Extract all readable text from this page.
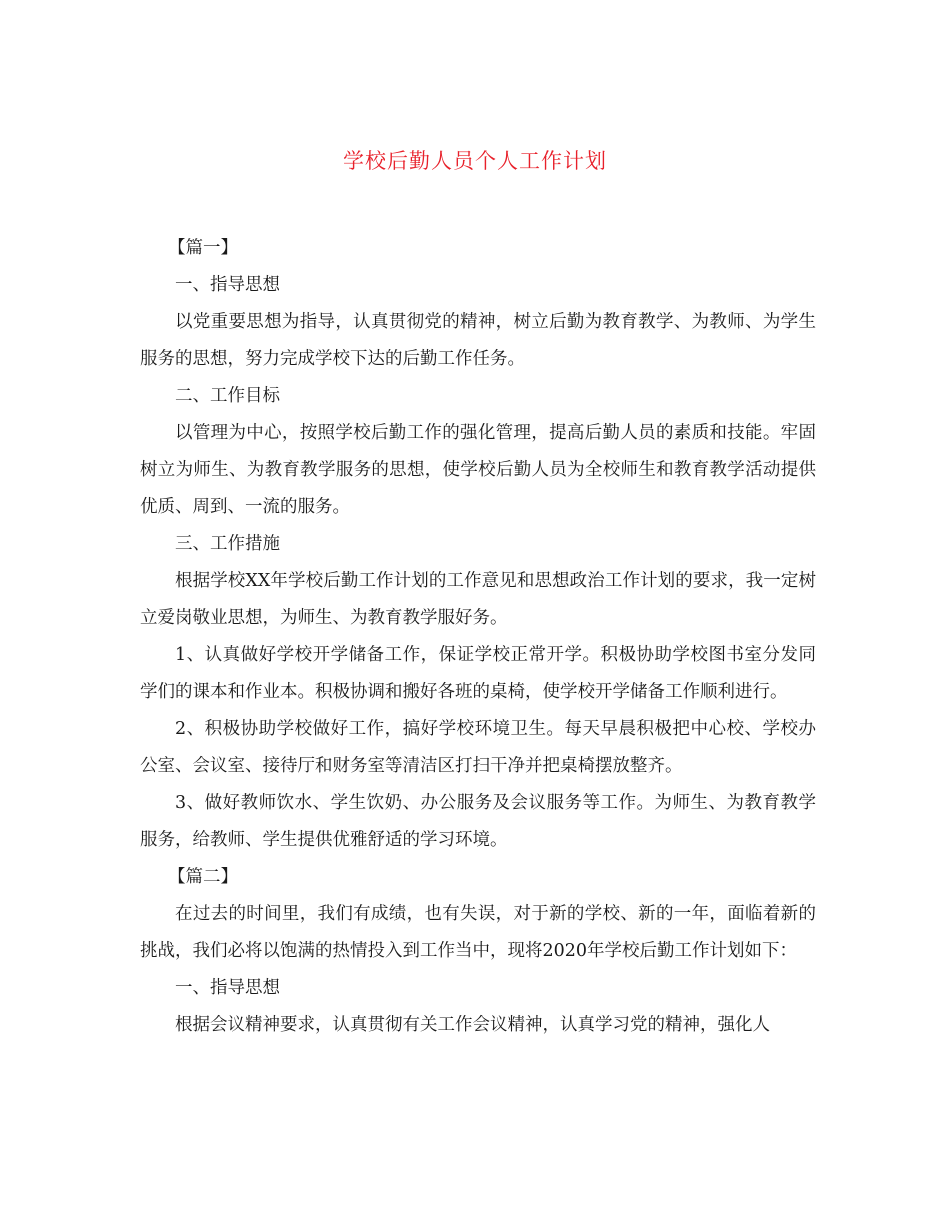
学校后勤人员个人工作计划

【篇一】

一、指导思想

以党重要思想为指导，认真贯彻党的精神，树立后勤为教育教学、为教师、为学生服务的思想，努力完成学校下达的后勤工作任务。

二、工作目标

以管理为中心，按照学校后勤工作的强化管理，提高后勤人员的素质和技能。牢固树立为师生、为教育教学服务的思想，使学校后勤人员为全校师生和教育教学活动提供优质、周到、一流的服务。

三、工作措施

根据学校XX年学校后勤工作计划的工作意见和思想政治工作计划的要求，我一定树立爱岗敬业思想，为师生、为教育教学服好务。

1、认真做好学校开学储备工作，保证学校正常开学。积极协助学校图书室分发同学们的课本和作业本。积极协调和搬好各班的桌椅，使学校开学储备工作顺利进行。

2、积极协助学校做好工作，搞好学校环境卫生。每天早晨积极把中心校、学校办公室、会议室、接待厅和财务室等清洁区打扫干净并把桌椅摆放整齐。

3、做好教师饮水、学生饮奶、办公服务及会议服务等工作。为师生、为教育教学服务，给教师、学生提供优雅舒适的学习环境。

【篇二】

在过去的时间里，我们有成绩，也有失误，对于新的学校、新的一年，面临着新的挑战，我们必将以饱满的热情投入到工作当中，现将2020年学校后勤工作计划如下：

一、指导思想

根据会议精神要求，认真贯彻有关工作会议精神，认真学习党的精神，强化人
